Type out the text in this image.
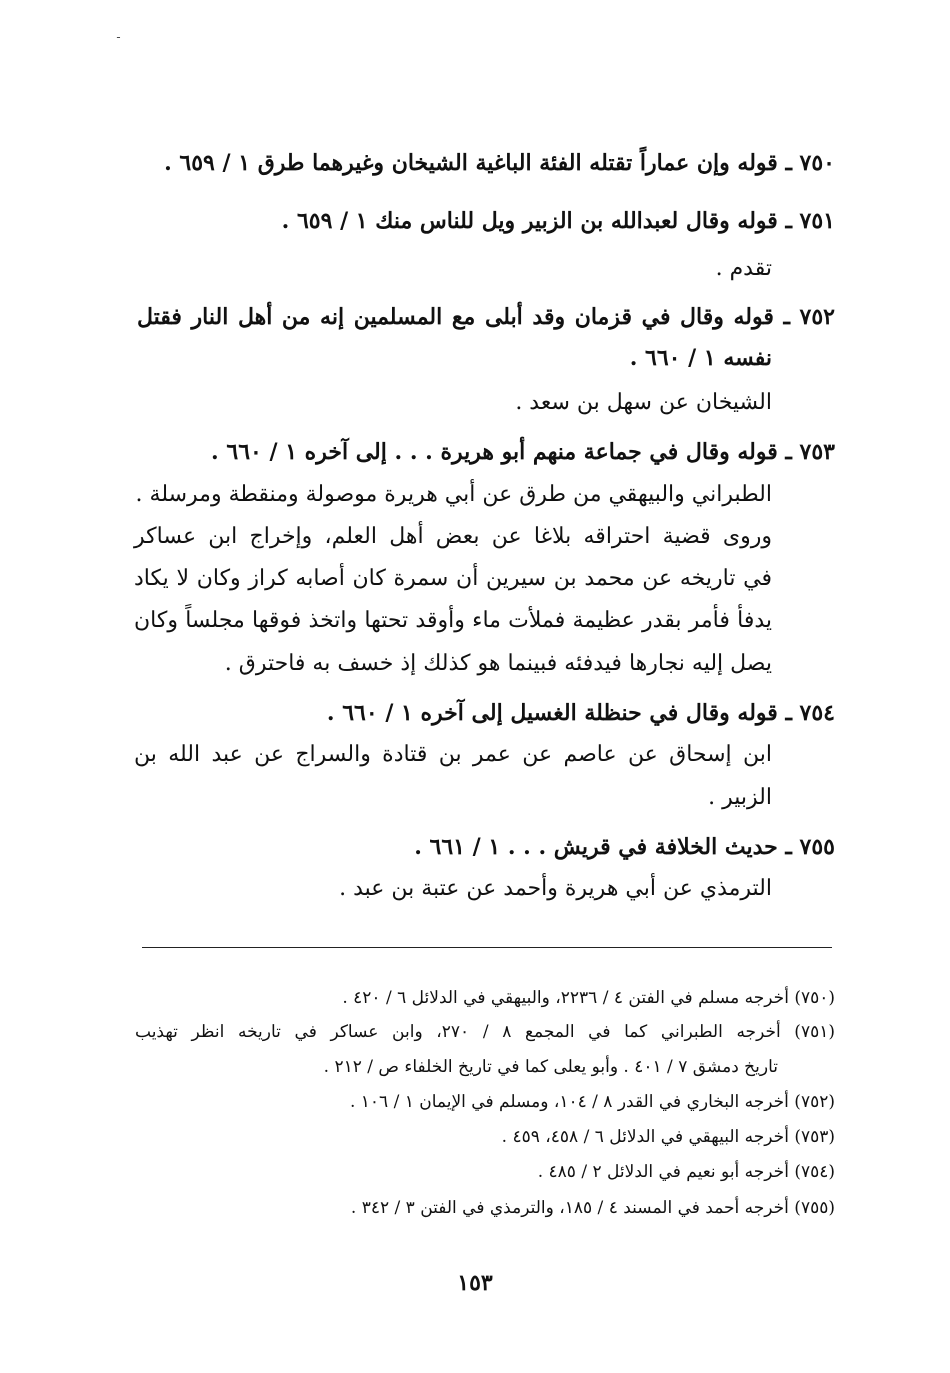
ـ
٧٥٠ ـ قوله وإن عماراً تقتله الفئة الباغية الشيخان وغيرهما طرق ١ / ٦٥٩ .
٧٥١ ـ قوله وقال لعبدالله بن الزبير ويل للناس منك ١ / ٦٥٩ .
تقدم .
٧٥٢ ـ قوله وقال في قزمان وقد أبلى مع المسلمين إنه من أهل النار فقتل
نفسه ١ / ٦٦٠ .
الشيخان عن سهل بن سعد .
٧٥٣ ـ قوله وقال في جماعة منهم أبو هريرة . . . إلى آخره ١ / ٦٦٠ .
الطبراني والبيهقي من طرق عن أبي هريرة موصولة ومنقطة ومرسلة .
وروى قضية احتراقه بلاغا عن بعض أهل العلم، وإخراج ابن عساكر
في تاريخه عن محمد بن سيرين أن سمرة كان أصابه كراز وكان لا يكاد
يدفأ فأمر بقدر عظيمة فملأت ماء وأوقد تحتها واتخذ فوقها مجلساً وكان
يصل إليه نجارها فيدفئه فبينما هو كذلك إذ خسف به فاحترق .
٧٥٤ ـ قوله وقال في حنظلة الغسيل إلى آخره ١ / ٦٦٠ .
ابن إسحاق عن عاصم عن عمر بن قتادة والسراج عن عبد الله بن
الزبير .
٧٥٥ ـ حديث الخلافة في قريش . . . ١ / ٦٦١ .
الترمذي عن أبي هريرة وأحمد عن عتبة بن عبد .
(٧٥٠) أخرجه مسلم في الفتن ٤ / ٢٢٣٦، والبيهقي في الدلائل ٦ / ٤٢٠ .
(٧٥١) أخرجه الطبراني كما في المجمع ٨ / ٢٧٠، وابن عساكر في تاريخه انظر تهذيب
تاريخ دمشق ٧ / ٤٠١ . وأبو يعلى كما في تاريخ الخلفاء ص / ٢١٢ .
(٧٥٢) أخرجه البخاري في القدر ٨ / ١٠٤، ومسلم في الإيمان ١ / ١٠٦ .
(٧٥٣) أخرجه البيهقي في الدلائل ٦ / ٤٥٨، ٤٥٩ .
(٧٥٤) أخرجه أبو نعيم في الدلائل ٢ / ٤٨٥ .
(٧٥٥) أخرجه أحمد في المسند ٤ / ١٨٥، والترمذي في الفتن ٣ / ٣٤٢ .
١٥٣
